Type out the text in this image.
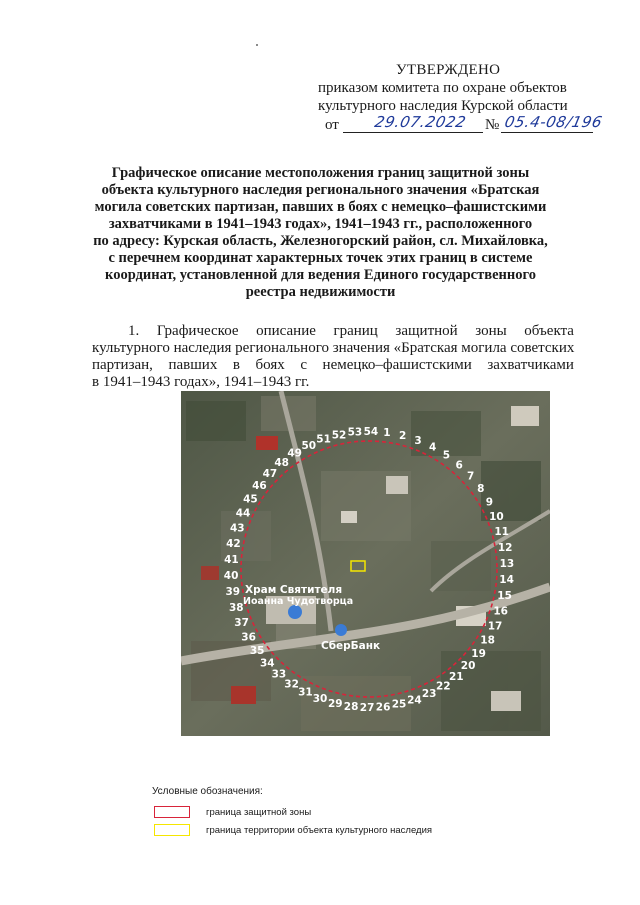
УТВЕРЖДЕНО
приказом комитета по охране объектов
культурного наследия Курской области
от 29.07.2022 № 05.4-08/196
Графическое описание местоположения границ защитной зоны
объекта культурного наследия регионального значения «Братская
могила советских партизан, павших в боях с немецко–фашистскими
захватчиками в 1941–1943 годах», 1941–1943 гг., расположенного
по адресу: Курская область, Железногорский район, сл. Михайловка,
с перечнем координат характерных точек этих границ в системе
координат, установленной для ведения Единого государственного
реестра недвижимости
1. Графическое описание границ защитной зоны объекта
культурного наследия регионального значения «Братская могила советских
партизан, павших в боях с немецко–фашистскими захватчиками
в 1941–1943 годах», 1941–1943 гг.
1 2 3
4
5
6
7
8
9
10
11
12
13
14
15
16
17
18
19
20
21
22
23
24
25
26
27
28
29
30
31
32
33
34
35
36
37
38
39
40
41
42
43
44
45
46
47
48
49
50
51 52 53 54
Храм Святителя
Иоанна Чудотворца
СберБанк
Условные обозначения:
граница защитной зоны
граница территории объекта культурного наследия
